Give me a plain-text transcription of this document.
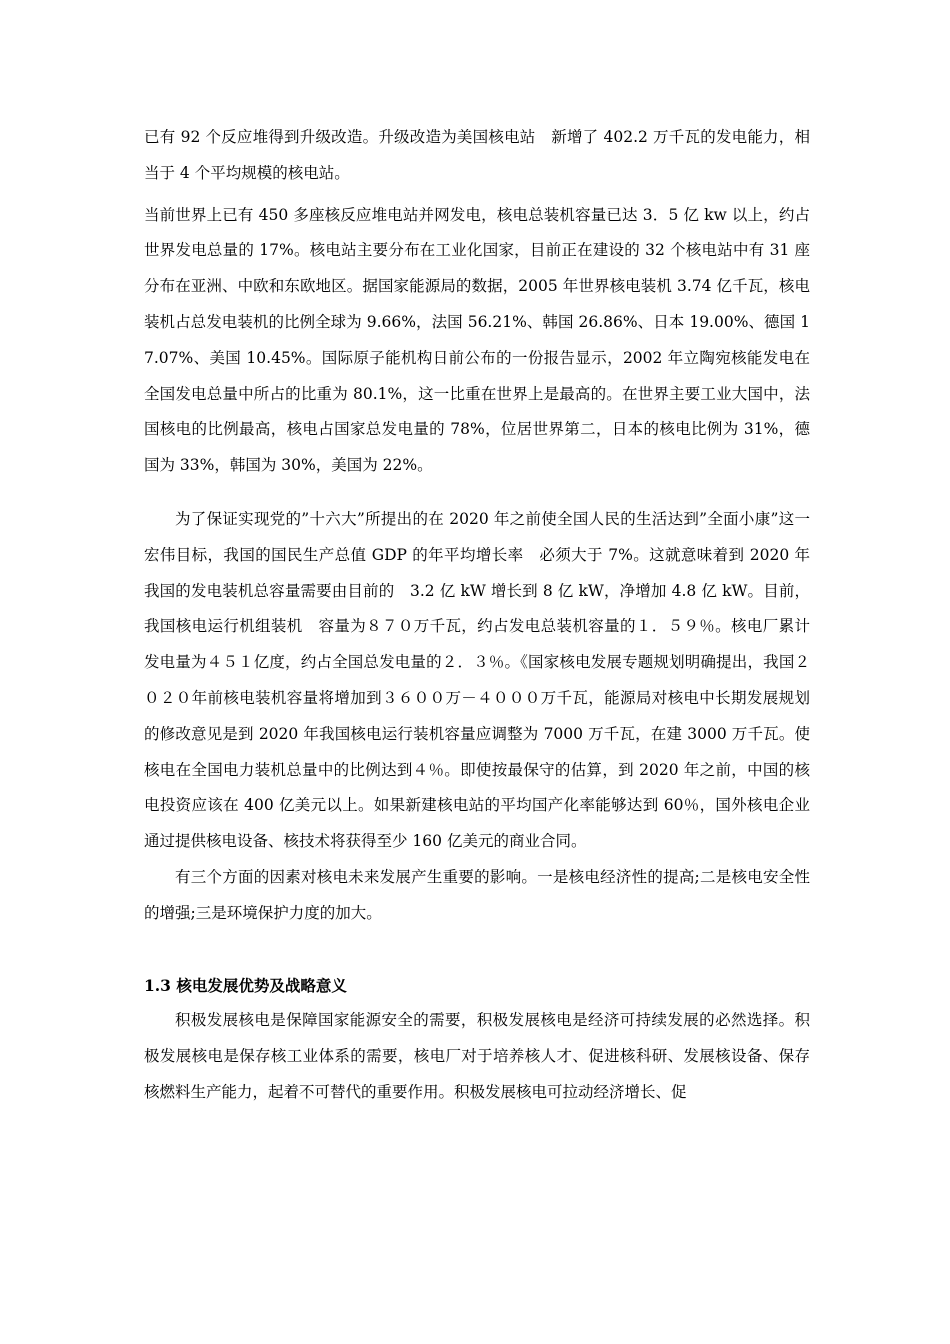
已有 92 个反应堆得到升级改造。升级改造为美国核电站　新增了 402.2 万千瓦的发电能力，相当于 4 个平均规模的核电站。

当前世界上已有 450 多座核反应堆电站并网发电，核电总装机容量已达 3．5 亿 kw 以上，约占世界发电总量的 17%。核电站主要分布在工业化国家，目前正在建设的 32 个核电站中有 31 座分布在亚洲、中欧和东欧地区。据国家能源局的数据，2005 年世界核电装机 3.74 亿千瓦，核电装机占总发电装机的比例全球为 9.66%，法国 56.21%、韩国 26.86%、日本 19.00%、德国 17.07%、美国 10.45%。国际原子能机构日前公布的一份报告显示，2002 年立陶宛核能发电在全国发电总量中所占的比重为 80.1%，这一比重在世界上是最高的。在世界主要工业大国中，法国核电的比例最高，核电占国家总发电量的 78%，位居世界第二，日本的核电比例为 31%，德国为 33%，韩国为 30%，美国为 22%。

为了保证实现党的”十六大”所提出的在 2020 年之前使全国人民的生活达到”全面小康”这一宏伟目标，我国的国民生产总值 GDP 的年平均增长率　必须大于 7%。这就意味着到 2020 年我国的发电装机总容量需要由目前的　3.2 亿 kW 增长到 8 亿 kW，净增加 4.8 亿 kW。目前，我国核电运行机组装机　容量为８７０万千瓦，约占发电总装机容量的１．５９％。核电厂累计发电量为４５１亿度，约占全国总发电量的２．３％。《国家核电发展专题规划明确提出，我国２０２０年前核电装机容量将增加到３６００万－４０００万千瓦，能源局对核电中长期发展规划的修改意见是到 2020 年我国核电运行装机容量应调整为 7000 万千瓦，在建 3000 万千瓦。使核电在全国电力装机总量中的比例达到４％。即使按最保守的估算，到 2020 年之前，中国的核电投资应该在 400 亿美元以上。如果新建核电站的平均国产化率能够达到 60％，国外核电企业通过提供核电设备、核技术将获得至少 160 亿美元的商业合同。

有三个方面的因素对核电未来发展产生重要的影响。一是核电经济性的提高;二是核电安全性的增强;三是环境保护力度的加大。

1.3 核电发展优势及战略意义

积极发展核电是保障国家能源安全的需要，积极发展核电是经济可持续发展的必然选择。积极发展核电是保存核工业体系的需要，核电厂对于培养核人才、促进核科研、发展核设备、保存核燃料生产能力，起着不可替代的重要作用。积极发展核电可拉动经济增长、促
